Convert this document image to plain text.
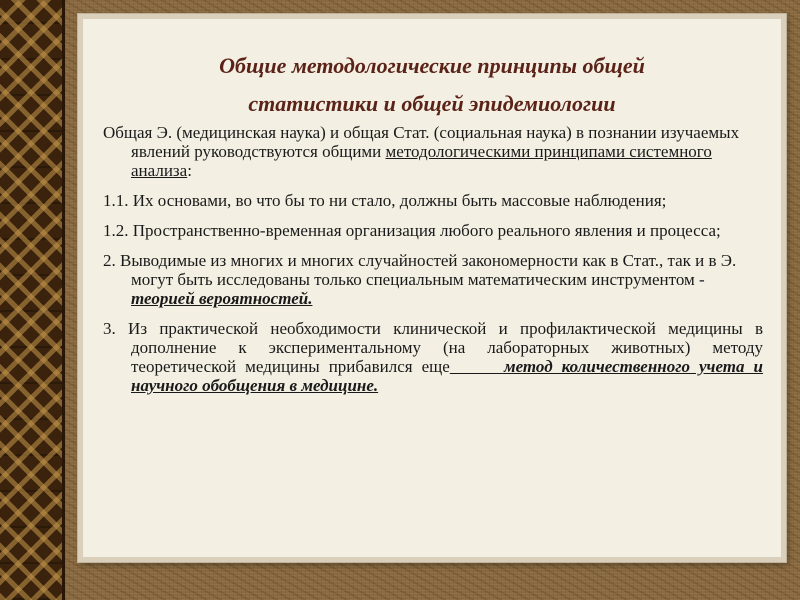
Общие методологические принципы общей
статистики и общей эпидемиологии

Общая Э. (медицинская наука) и общая Стат. (социальная наука) в познании изучаемых явлений руководствуются общими методологическими принципами системного анализа:

1.1. Их основами, во что бы то ни стало, должны быть массовые наблюдения;

1.2. Пространственно-временная организация любого реального явления и процесса;

2. Выводимые из многих и многих случайностей закономерности как в Стат., так и в Э. могут быть исследованы только специальным математическим инструментом - теорией вероятностей.

3. Из практической необходимости клинической и профилактической медицины в дополнение к экспериментальному (на лабораторных животных) методу теоретической медицины прибавился еще	метод количественного учета и научного обобщения в медицине.
